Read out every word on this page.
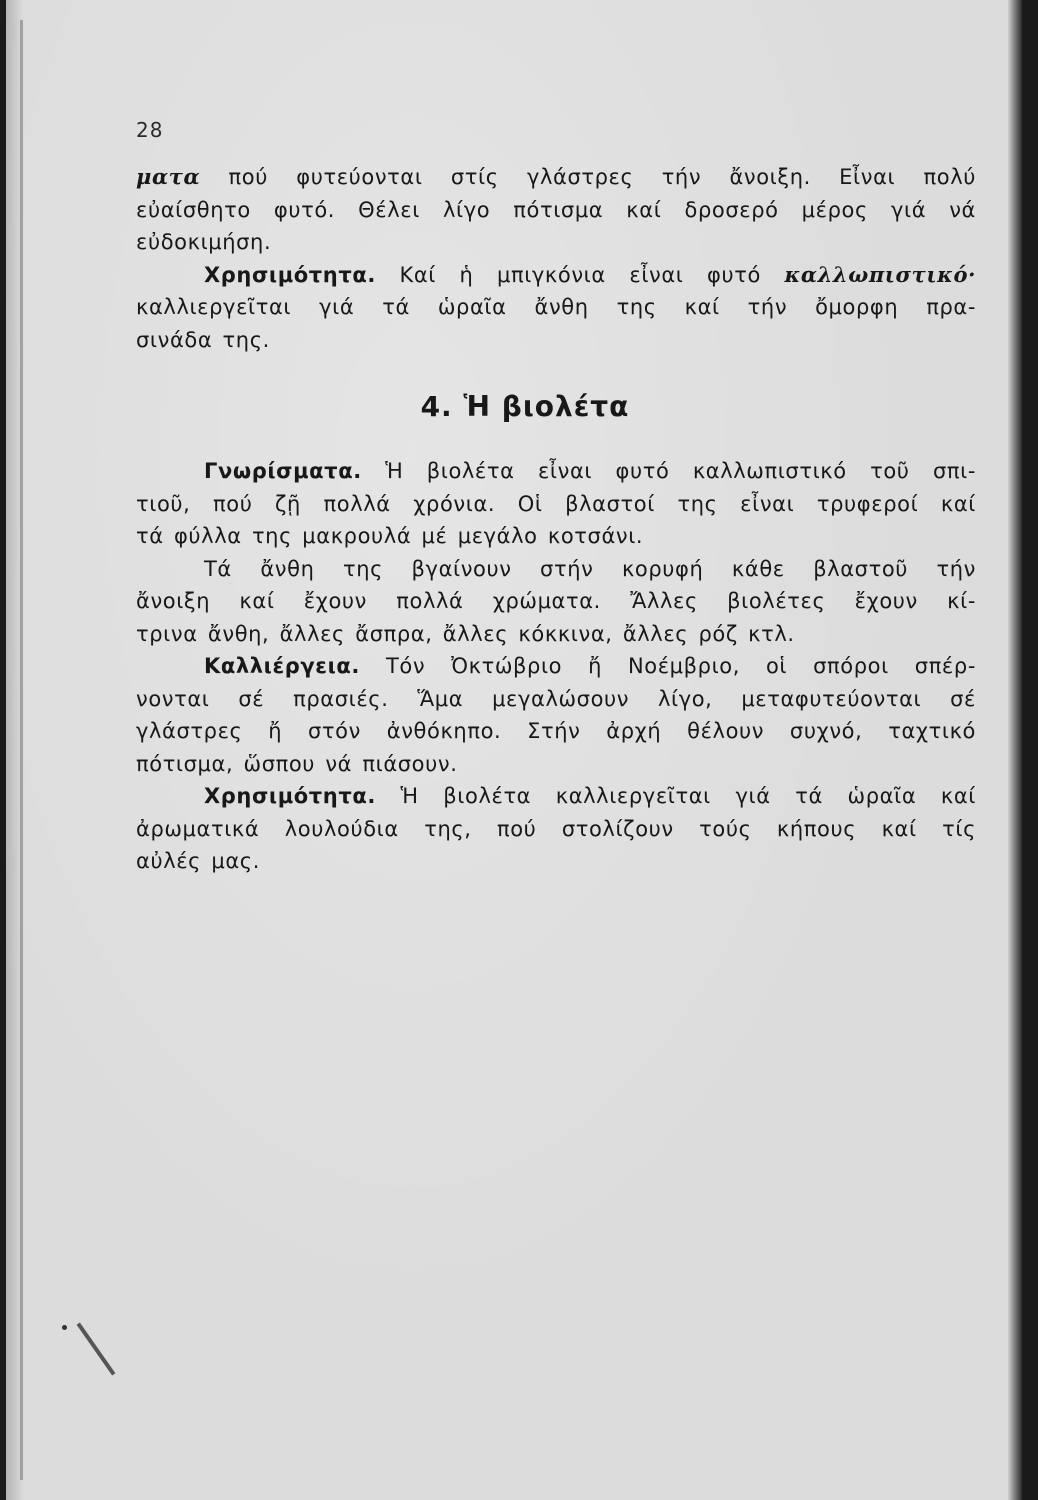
28
ματα πού φυτεύονται στίς γλάστρες τήν ἄνοιξη. Εἶναι πολύ
εὐαίσθητο φυτό. Θέλει λίγο πότισμα καί δροσερό μέρος γιά νά
εὐδοκιμήση.
Χρησιμότητα. Καί ἡ μπιγκόνια εἶναι φυτό καλλωπιστικό·
καλλιεργεῖται γιά τά ὡραῖα ἄνθη της καί τήν ὄμορφη πρα-
σινάδα της.
4. Ἡ βιολέτα
Γνωρίσματα. Ἡ βιολέτα εἶναι φυτό καλλωπιστικό τοῦ σπι-
τιοῦ, πού ζῇ πολλά χρόνια. Οἱ βλαστοί της εἶναι τρυφεροί καί
τά φύλλα της μακρουλά μέ μεγάλο κοτσάνι.
Τά ἄνθη της βγαίνουν στήν κορυφή κάθε βλαστοῦ τήν
ἄνοιξη καί ἔχουν πολλά χρώματα. Ἄλλες βιολέτες ἔχουν κί-
τρινα ἄνθη, ἄλλες ἄσπρα, ἄλλες κόκκινα, ἄλλες ρόζ κτλ.
Καλλιέργεια. Τόν Ὀκτώβριο ἤ Νοέμβριο, οἱ σπόροι σπέρ-
νονται σέ πρασιές. Ἅμα μεγαλώσουν λίγο, μεταφυτεύονται σέ
γλάστρες ἤ στόν ἀνθόκηπο. Στήν ἀρχή θέλουν συχνό, ταχτικό
πότισμα, ὥσπου νά πιάσουν.
Χρησιμότητα. Ἡ βιολέτα καλλιεργεῖται γιά τά ὡραῖα καί
ἀρωματικά λουλούδια της, πού στολίζουν τούς κήπους καί τίς
αὐλές μας.
